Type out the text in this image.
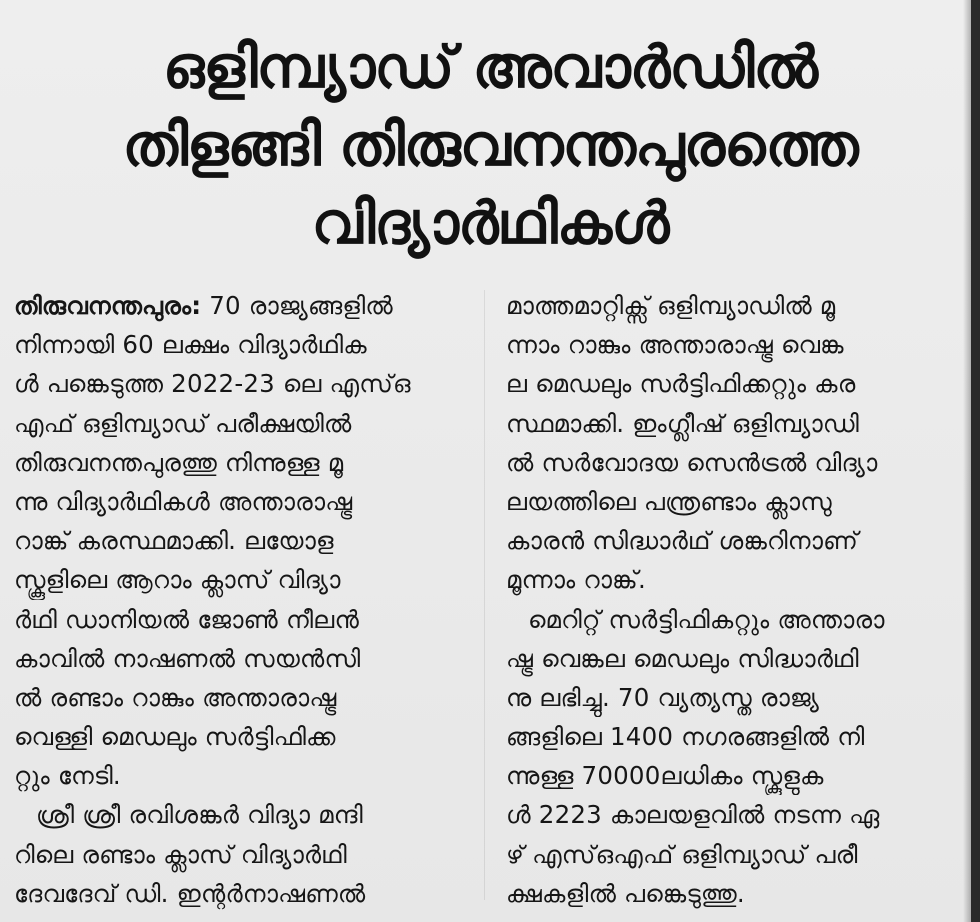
ഒളിമ്പ്യാഡ് അവാർഡിൽ
തിളങ്ങി തിരുവനന്തപുരത്തെ
വിദ്യാർഥികൾ
തിരുവനന്തപുരം: 70 രാജ്യങ്ങളിൽ
നിന്നായി 60 ലക്ഷം വിദ്യാർഥിക
ൾ പങ്കെടുത്ത 2022-23 ലെ എസ്ഒ
എഫ് ഒളിമ്പ്യാഡ് പരീക്ഷയിൽ
തിരുവനന്തപുരത്തു നിന്നുള്ള മൂ
ന്നു വിദ്യാർഥികൾ അന്താരാഷ്ട്ര
റാങ്ക് കരസ്ഥമാക്കി. ലയോള
സ്കൂളിലെ ആറാം ക്ലാസ് വിദ്യാ
ർഥി ഡാനിയൽ ജോൺ നീലൻ
കാവിൽ നാഷണൽ സയൻസി
ൽ രണ്ടാം റാങ്കും അന്താരാഷ്ട്ര
വെള്ളി മെഡലും സർട്ടിഫിക്ക
റ്റും നേടി.
ശ്രീ ശ്രീ രവിശങ്കർ വിദ്യാ മന്ദി
റിലെ രണ്ടാം ക്ലാസ് വിദ്യാർഥി
ദേവദേവ് ഡി. ഇന്റർനാഷണൽ
മാത്തമാറ്റിക്സ് ഒളിമ്പ്യാഡിൽ മൂ
ന്നാം റാങ്കും അന്താരാഷ്ട്ര വെങ്ക
ല മെഡലും സർട്ടിഫിക്കറ്റും കര
സ്ഥമാക്കി. ഇംഗ്ലീഷ് ഒളിമ്പ്യാഡി
ൽ സർവോദയ സെൻട്രൽ വിദ്യാ
ലയത്തിലെ പന്ത്രണ്ടാം ക്ലാസു
കാരൻ സിദ്ധാർഥ് ശങ്കറിനാണ്
മൂന്നാം റാങ്ക്.
മെറിറ്റ് സർട്ടിഫികറ്റും അന്താരാ
ഷ്ട്ര വെങ്കല മെഡലും സിദ്ധാർഥി
നു ലഭിച്ചു. 70 വ്യത്യസ്ത രാജ്യ
ങ്ങളിലെ 1400 നഗരങ്ങളിൽ നി
ന്നുള്ള 70000ലധികം സ്കൂളുക
ൾ 2223 കാലയളവിൽ നടന്ന ഏ
ഴ് എസ്ഒഎഫ് ഒളിമ്പ്യാഡ് പരീ
ക്ഷകളിൽ പങ്കെടുത്തു.
